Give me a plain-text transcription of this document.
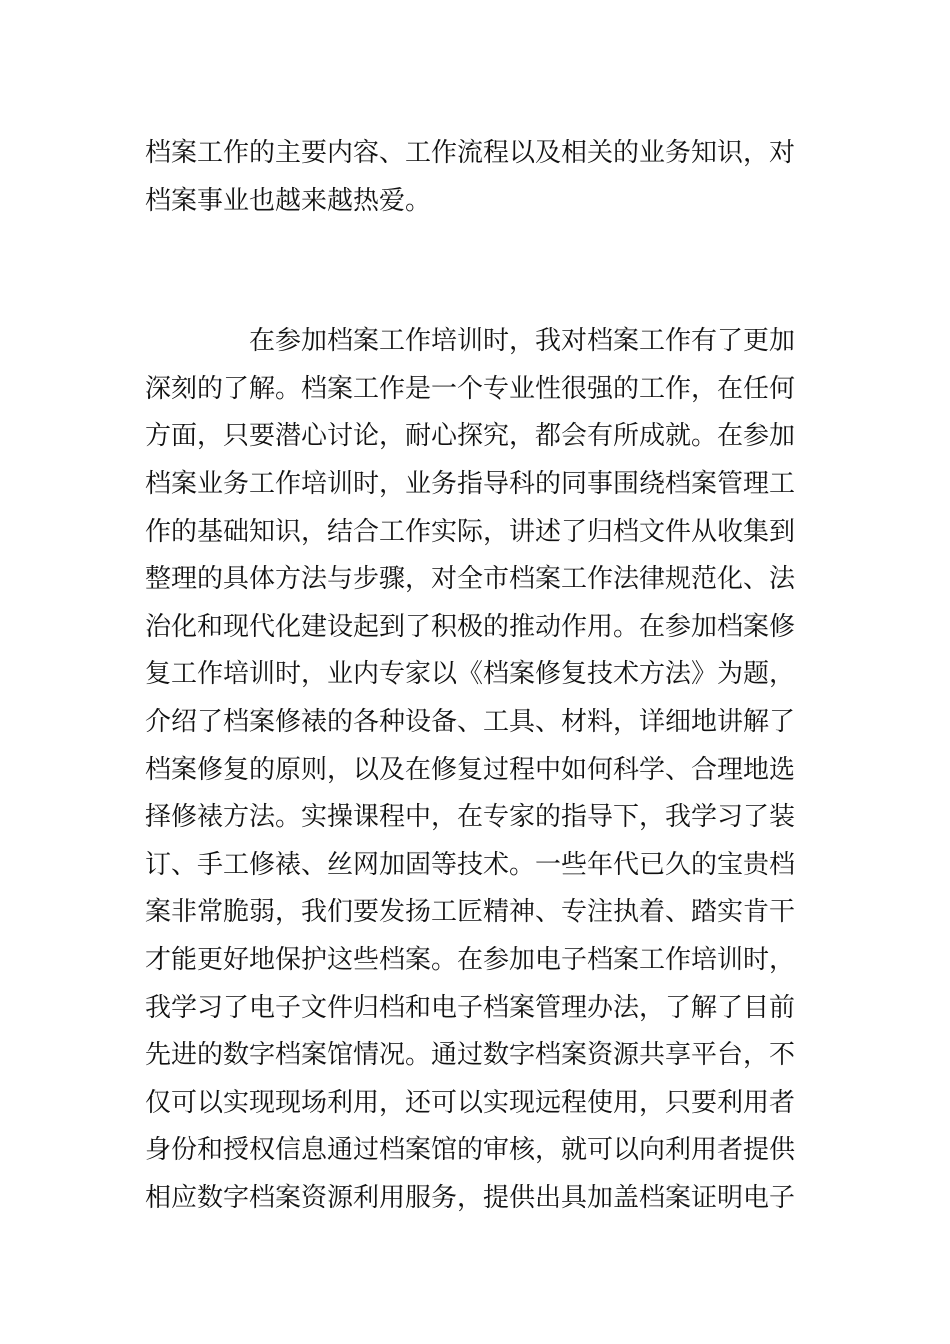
档案工作的主要内容、工作流程以及相关的业务知识，对
档案事业也越来越热爱。
在参加档案工作培训时，我对档案工作有了更加
深刻的了解。档案工作是一个专业性很强的工作，在任何
方面，只要潜心讨论，耐心探究，都会有所成就。在参加
档案业务工作培训时，业务指导科的同事围绕档案管理工
作的基础知识，结合工作实际，讲述了归档文件从收集到
整理的具体方法与步骤，对全市档案工作法律规范化、法
治化和现代化建设起到了积极的推动作用。在参加档案修
复工作培训时，业内专家以《档案修复技术方法》为题，
介绍了档案修裱的各种设备、工具、材料，详细地讲解了
档案修复的原则，以及在修复过程中如何科学、合理地选
择修裱方法。实操课程中，在专家的指导下，我学习了装
订、手工修裱、丝网加固等技术。一些年代已久的宝贵档
案非常脆弱，我们要发扬工匠精神、专注执着、踏实肯干
才能更好地保护这些档案。在参加电子档案工作培训时，
我学习了电子文件归档和电子档案管理办法，了解了目前
先进的数字档案馆情况。通过数字档案资源共享平台，不
仅可以实现现场利用，还可以实现远程使用，只要利用者
身份和授权信息通过档案馆的审核，就可以向利用者提供
相应数字档案资源利用服务，提供出具加盖档案证明电子
